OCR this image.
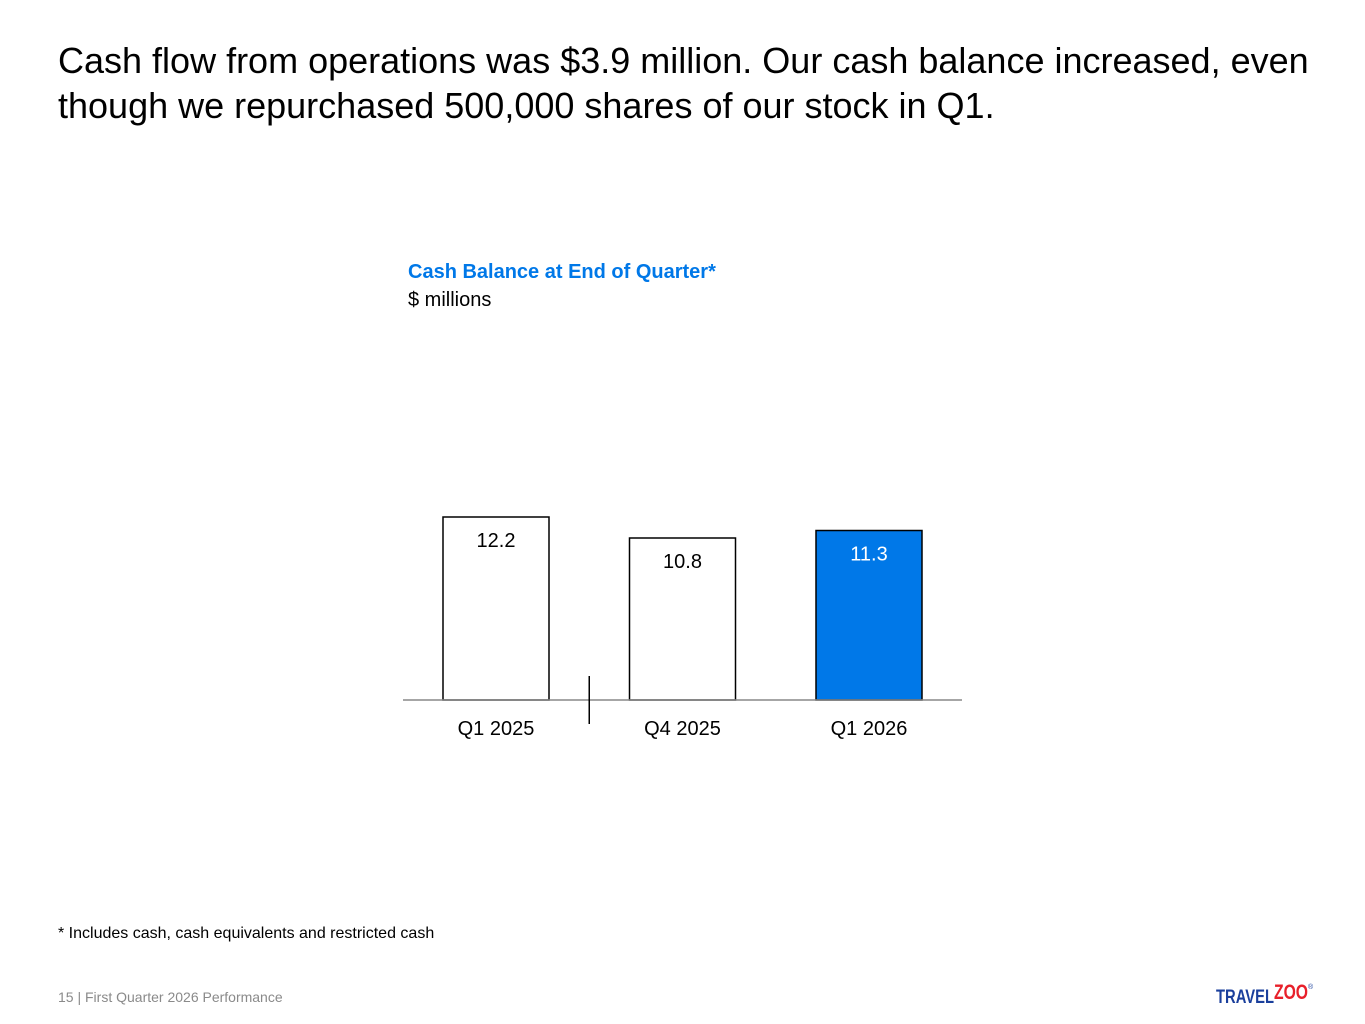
Cash flow from operations was $3.9 million. Our cash balance increased, even though we repurchased 500,000 shares of our stock in Q1.
Cash Balance at End of Quarter*
$ millions
12.2
Q1 2025
10.8
Q4 2025
11.3
Q1 2026
* Includes cash, cash equivalents and restricted cash
15 | First Quarter 2026 Performance	TRAVEL ZOO ®
